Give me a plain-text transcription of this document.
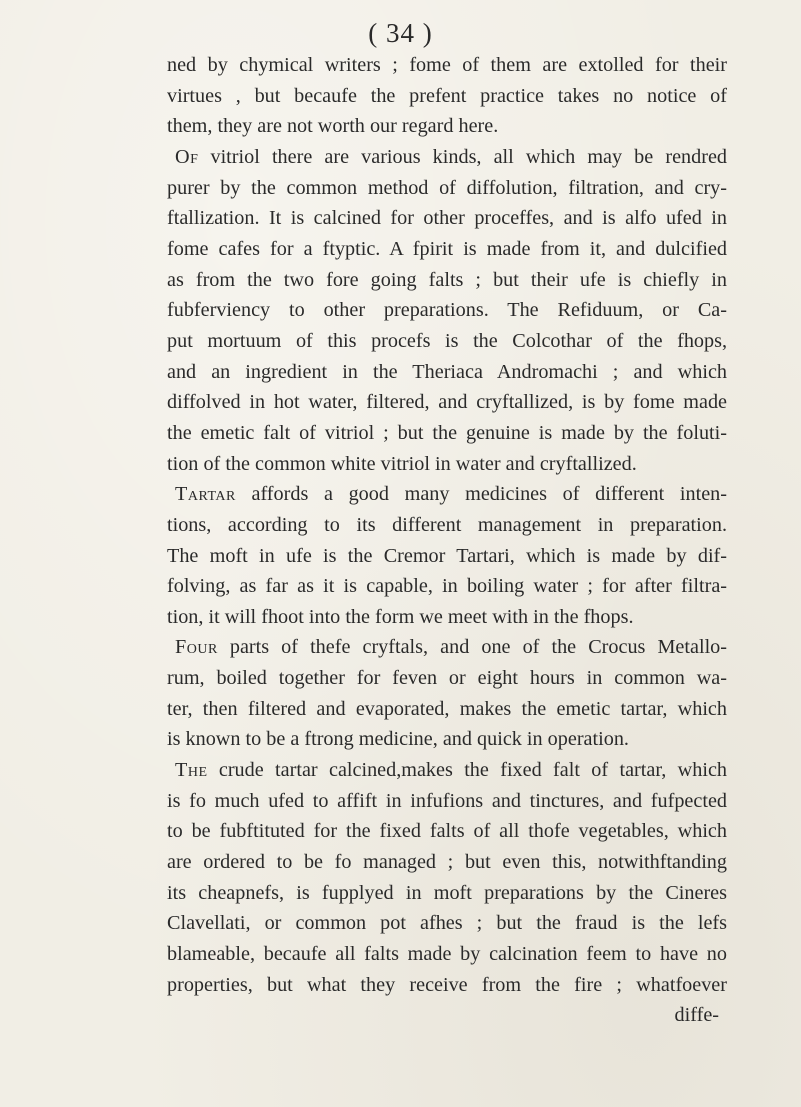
( 34 )
ned by chymical writers ; fome of them are extolled for their
virtues , but becaufe the prefent practice takes no notice of
them, they are not worth our regard here.
Of vitriol there are various kinds, all which may be rendred
purer by the common method of diffolution, filtration, and cry-
ftallization. It is calcined for other proceffes, and is alfo ufed in
fome cafes for a ftyptic. A fpirit is made from it, and dulcified
as from the two fore going falts ; but their ufe is chiefly in
fubferviency to other preparations. The Refiduum, or Ca-
put mortuum of this procefs is the Colcothar of the fhops,
and an ingredient in the Theriaca Andromachi ; and which
diffolved in hot water, filtered, and cryftallized, is by fome made
the emetic falt of vitriol ; but the genuine is made by the foluti-
tion of the common white vitriol in water and cryftallized.
Tartar affords a good many medicines of different inten-
tions, according to its different management in preparation.
The moft in ufe is the Cremor Tartari, which is made by dif-
folving, as far as it is capable, in boiling water ; for after filtra-
tion, it will fhoot into the form we meet with in the fhops.
Four parts of thefe cryftals, and one of the Crocus Metallo-
rum, boiled together for feven or eight hours in common wa-
ter, then filtered and evaporated, makes the emetic tartar, which
is known to be a ftrong medicine, and quick in operation.
The crude tartar calcined,makes the fixed falt of tartar, which
is fo much ufed to affift in infufions and tinctures, and fufpected
to be fubftituted for the fixed falts of all thofe vegetables, which
are ordered to be fo managed ; but even this, notwithftanding
its cheapnefs, is fupplyed in moft preparations by the Cineres
Clavellati, or common pot afhes ; but the fraud is the lefs
blameable, becaufe all falts made by calcination feem to have no
properties, but what they receive from the fire ; whatfoever
diffe-
